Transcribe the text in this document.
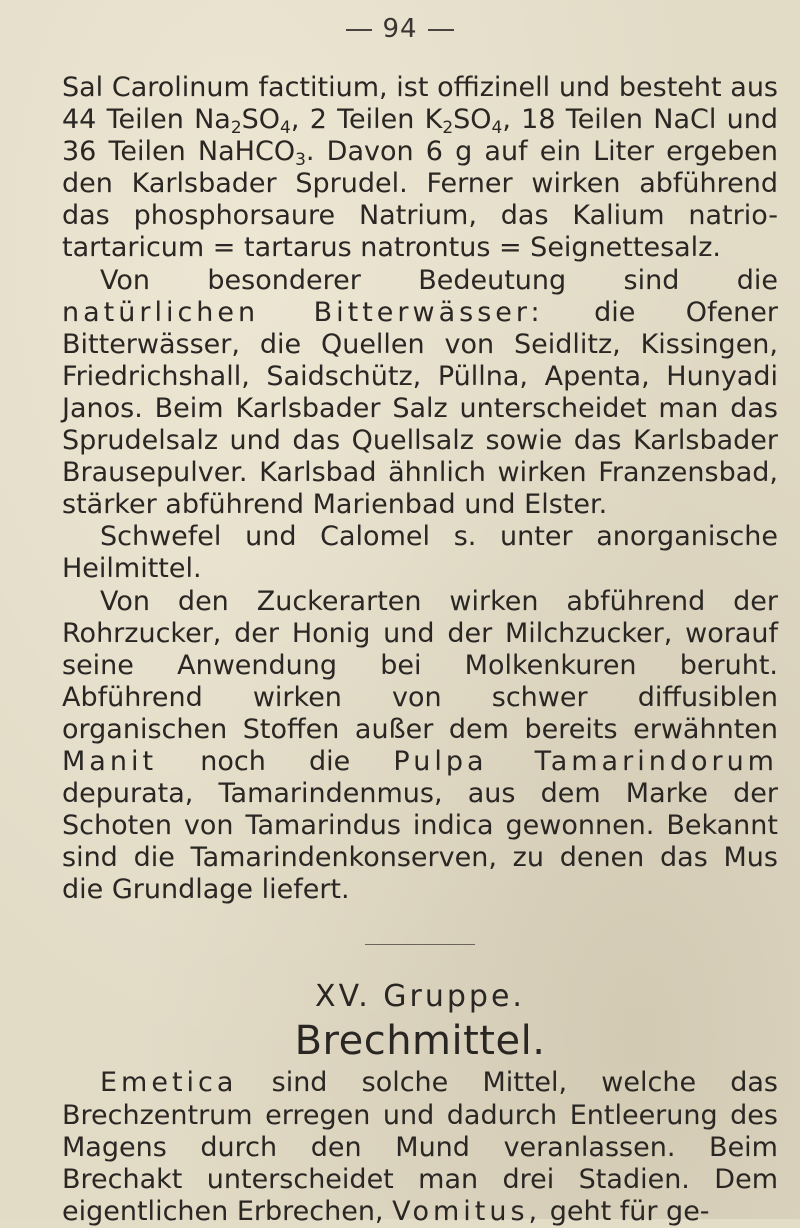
94

Sal Carolinum factitium, ist offizinell und besteht aus 44 Teilen $Na_2SO_4$, 2 Teilen $K_2SO_4$, 18 Teilen NaCl und 36 Teilen NaHCO$_3$. Davon 6 g auf ein Liter ergeben den Karlsbader Sprudel. Ferner wirken abführend das phosphorsaure Natrium, das Kalium natrio-tartaricum = tartarus natrontus = Seignettesalz.

Von besonderer Bedeutung sind die natürlichen Bitterwässer: die Ofener Bitterwässer, die Quellen von Seidlitz, Kissingen, Friedrichshall, Saidschütz, Püllna, Apenta, Hunyadi Janos. Beim Karlsbader Salz unterscheidet man das Sprudelsalz und das Quellsalz sowie das Karlsbader Brausepulver. Karlsbad ähnlich wirken Franzensbad, stärker abführend Marienbad und Elster.

Schwefel und Calomel s. unter anorganische Heilmittel.

Von den Zuckerarten wirken abführend der Rohrzucker, der Honig und der Milchzucker, worauf seine Anwendung bei Molkenkuren beruht. Abführend wirken von schwer diffusiblen organischen Stoffen außer dem bereits erwähnten Manit noch die Pulpa Tamarindorum depurata, Tamarindenmus, aus dem Marke der Schoten von Tamarindus indica gewonnen. Bekannt sind die Tamarindenkonserven, zu denen das Mus die Grundlage liefert.

XV. Gruppe.

Brechmittel.

Emetica sind solche Mittel, welche das Brechzentrum erregen und dadurch Entleerung des Magens durch den Mund veranlassen. Beim Brechakt unterscheidet man drei Stadien. Dem eigentlichen Erbrechen, Vomitus, geht für ge-
